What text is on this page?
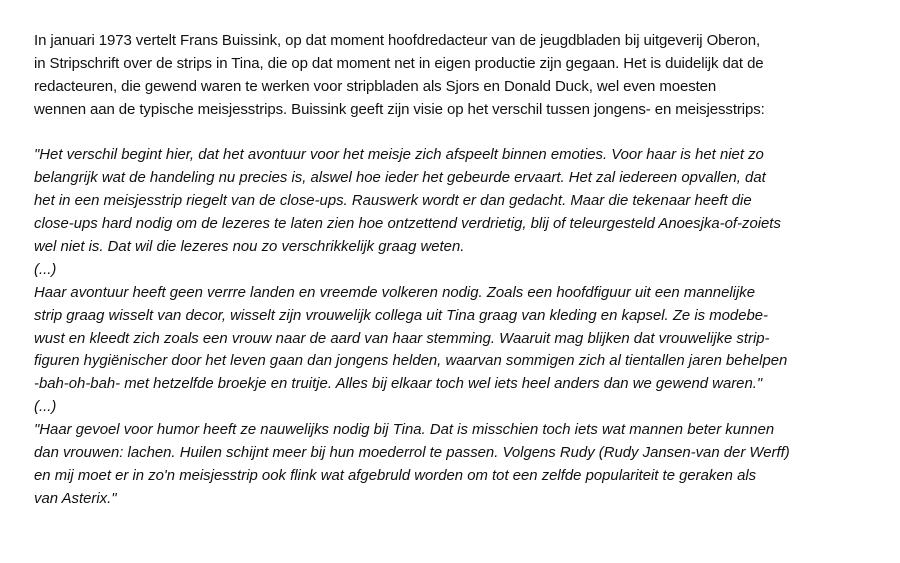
In januari 1973 vertelt Frans Buissink, op dat moment hoofdredacteur van de jeugdbladen bij uitgeverij Oberon,
in Stripschrift over de strips in Tina, die op dat moment net in eigen productie zijn gegaan. Het is duidelijk dat de
redacteuren, die gewend waren te werken voor stripbladen als Sjors en Donald Duck, wel even moesten
wennen aan de typische meisjesstrips. Buissink geeft zijn visie op het verschil tussen jongens- en meisjesstrips:
"Het verschil begint hier, dat het avontuur voor het meisje zich afspeelt binnen emoties. Voor haar is het niet zo
belangrijk wat de handeling nu precies is, alswel hoe ieder het gebeurde ervaart. Het zal iedereen opvallen, dat
het in een meisjesstrip riegelt van de close-ups. Rauswerk wordt er dan gedacht. Maar die tekenaar heeft die
close-ups hard nodig om de lezeres te laten zien hoe ontzettend verdrietig, blij of teleurgesteld Anoesjka-of-zoiets
wel niet is. Dat wil die lezeres nou zo verschrikkelijk graag weten.
(...)
Haar avontuur heeft geen verrre landen en vreemde volkeren nodig. Zoals een hoofdfiguur uit een mannelijke
strip graag wisselt van decor, wisselt zijn vrouwelijk collega uit Tina graag van kleding en kapsel. Ze is modebe-
wust en kleedt zich zoals een vrouw naar de aard van haar stemming. Waaruit mag blijken dat vrouwelijke strip-
figuren hygiënischer door het leven gaan dan jongens helden, waarvan sommigen zich al tientallen jaren behelpen
-bah-oh-bah- met hetzelfde broekje en truitje. Alles bij elkaar toch wel iets heel anders dan we gewend waren."
(...)
"Haar gevoel voor humor heeft ze nauwelijks nodig bij Tina. Dat is misschien toch iets wat mannen beter kunnen
dan vrouwen: lachen. Huilen schijnt meer bij hun moederrol te passen. Volgens Rudy (Rudy Jansen-van der Werff)
en mij moet er in zo'n meisjesstrip ook flink wat afgebruld worden om tot een zelfde populariteit te geraken als
van Asterix."
